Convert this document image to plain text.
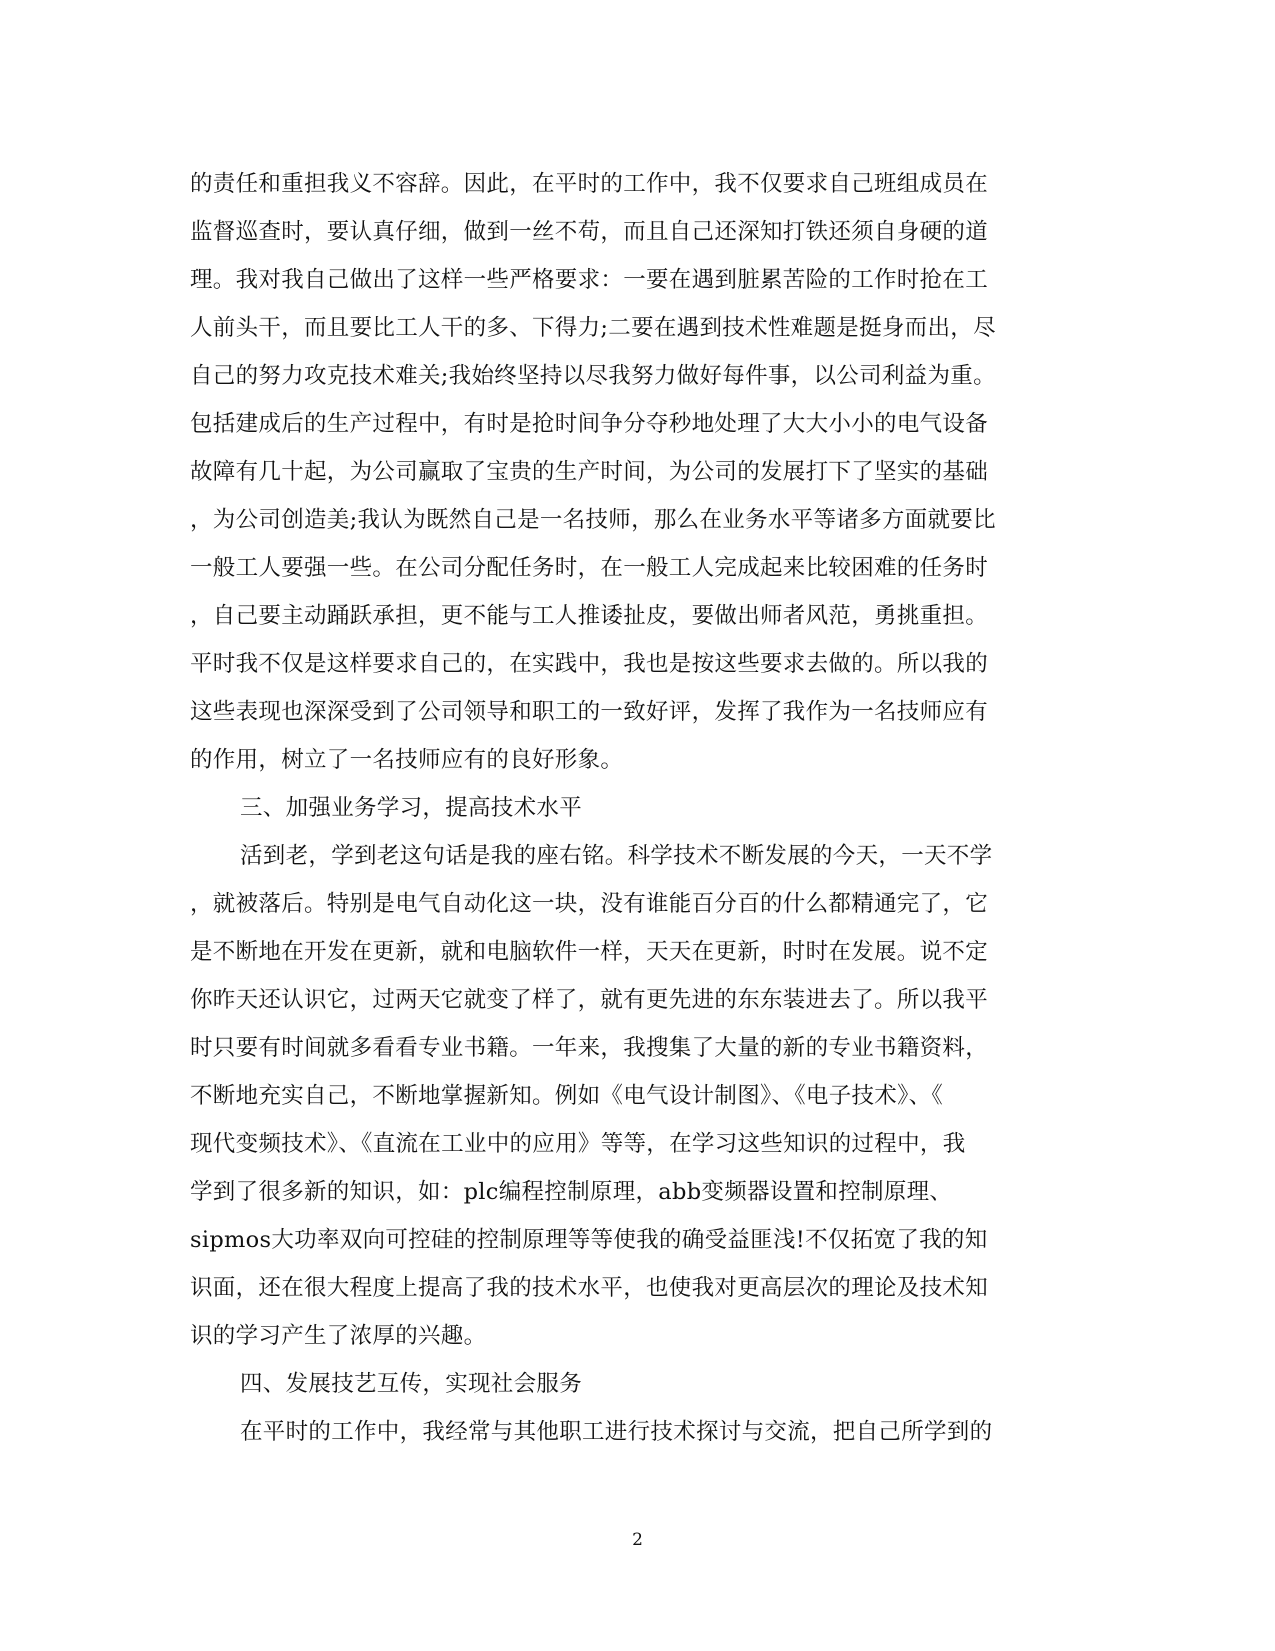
的责任和重担我义不容辞。因此，在平时的工作中，我不仅要求自己班组成员在
监督巡查时，要认真仔细，做到一丝不苟，而且自己还深知打铁还须自身硬的道
理。我对我自己做出了这样一些严格要求：一要在遇到脏累苦险的工作时抢在工
人前头干，而且要比工人干的多、下得力;二要在遇到技术性难题是挺身而出，尽
自己的努力攻克技术难关;我始终坚持以尽我努力做好每件事，以公司利益为重。
包括建成后的生产过程中，有时是抢时间争分夺秒地处理了大大小小的电气设备
故障有几十起，为公司赢取了宝贵的生产时间，为公司的发展打下了坚实的基础
，为公司创造美;我认为既然自己是一名技师，那么在业务水平等诸多方面就要比
一般工人要强一些。在公司分配任务时，在一般工人完成起来比较困难的任务时
，自己要主动踊跃承担，更不能与工人推诿扯皮，要做出师者风范，勇挑重担。
平时我不仅是这样要求自己的，在实践中，我也是按这些要求去做的。所以我的
这些表现也深深受到了公司领导和职工的一致好评，发挥了我作为一名技师应有
的作用，树立了一名技师应有的良好形象。
三、加强业务学习，提高技术水平
活到老，学到老这句话是我的座右铭。科学技术不断发展的今天，一天不学
，就被落后。特别是电气自动化这一块，没有谁能百分百的什么都精通完了，它
是不断地在开发在更新，就和电脑软件一样，天天在更新，时时在发展。说不定
你昨天还认识它，过两天它就变了样了，就有更先进的东东装进去了。所以我平
时只要有时间就多看看专业书籍。一年来，我搜集了大量的新的专业书籍资料，
不断地充实自己，不断地掌握新知。例如《电气设计制图》、《电子技术》、《
现代变频技术》、《直流在工业中的应用》等等，在学习这些知识的过程中，我
学到了很多新的知识，如：plc编程控制原理，abb变频器设置和控制原理、
sipmos大功率双向可控硅的控制原理等等使我的确受益匪浅!不仅拓宽了我的知
识面，还在很大程度上提高了我的技术水平，也使我对更高层次的理论及技术知
识的学习产生了浓厚的兴趣。
四、发展技艺互传，实现社会服务
在平时的工作中，我经常与其他职工进行技术探讨与交流，把自己所学到的
2
